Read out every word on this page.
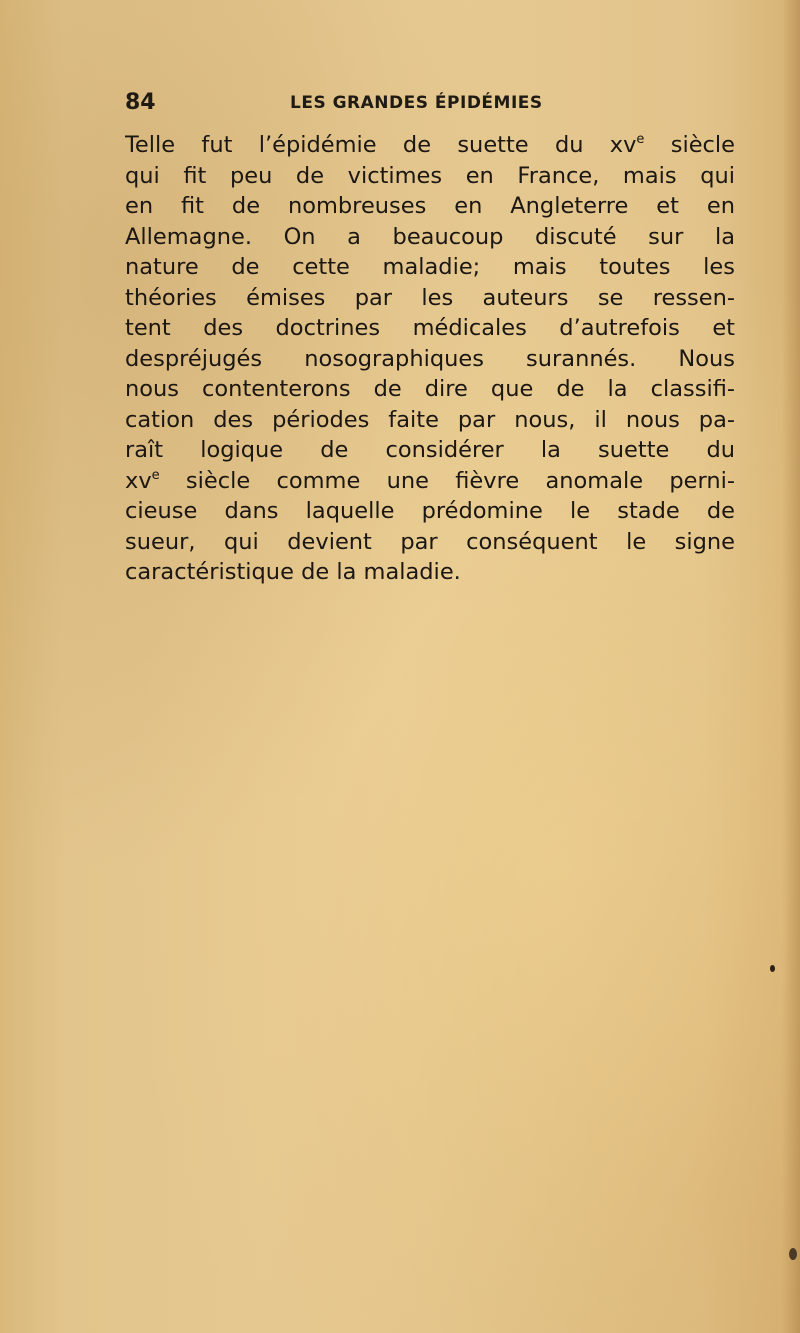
84	LES GRANDES ÉPIDÉMIES
Telle fut l’épidémie de suette du $xv^e$ siècle
qui fit peu de victimes en France, mais qui
en fit de nombreuses en Angleterre et en
Allemagne. On a beaucoup discuté sur la
nature de cette maladie; mais toutes les
théories émises par les auteurs se ressen-
tent des doctrines médicales d’autrefois et
despréjugés nosographiques surannés. Nous
nous contenterons de dire que de la classifi-
cation des périodes faite par nous, il nous pa-
raît logique de considérer la suette du
$xv^e$ siècle comme une fièvre anomale perni-
cieuse dans laquelle prédomine le stade de
sueur, qui devient par conséquent le signe
caractéristique de la maladie.
